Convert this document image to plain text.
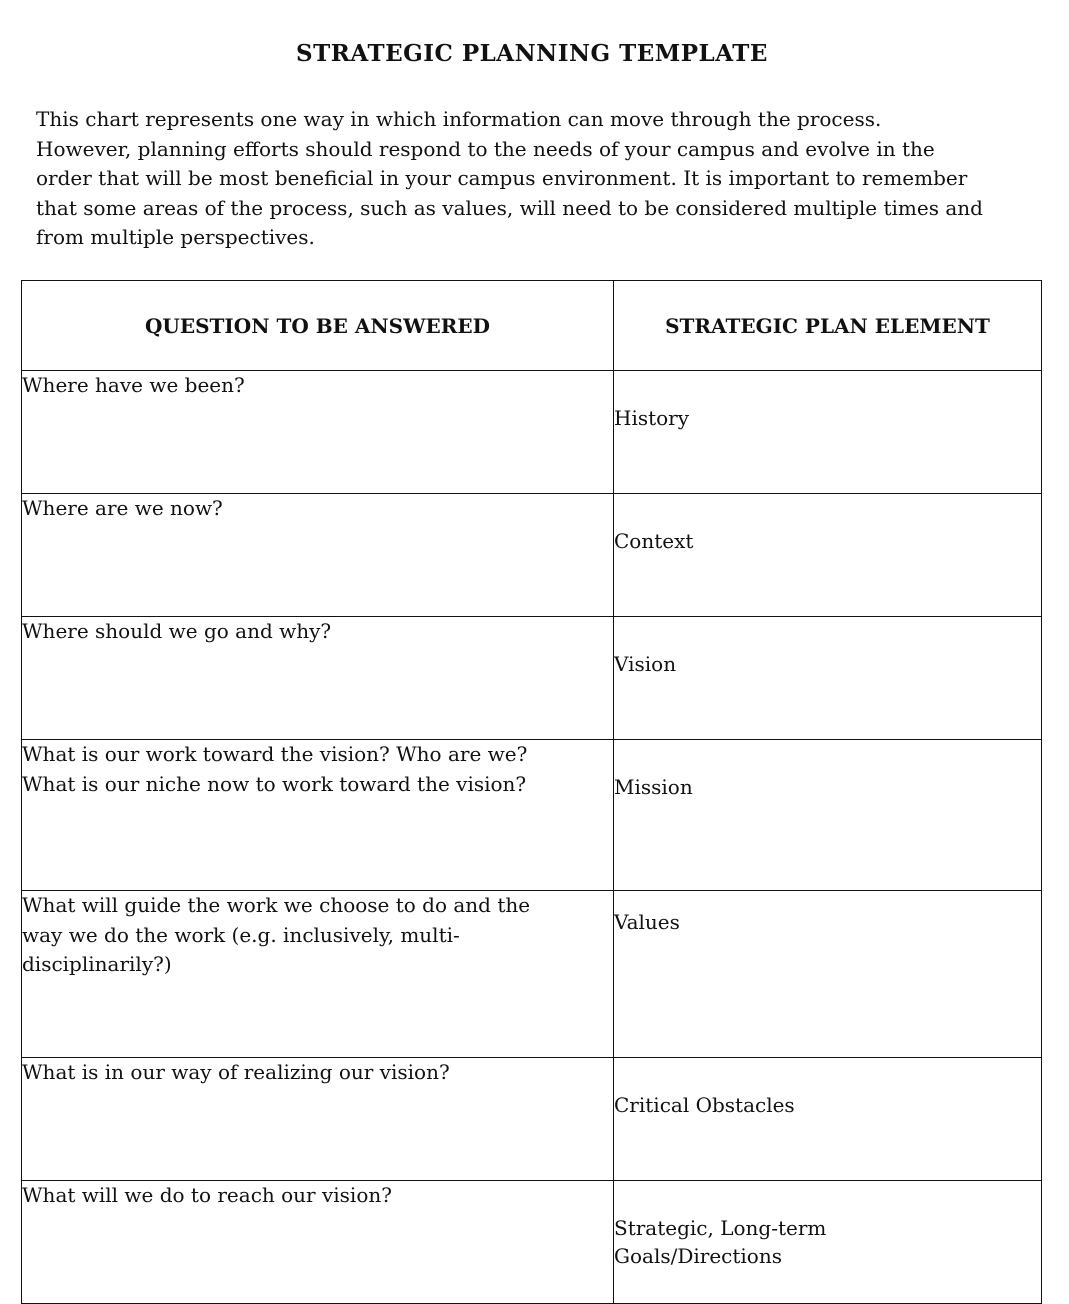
STRATEGIC PLANNING TEMPLATE

This chart represents one way in which information can move through the process.
However, planning efforts should respond to the needs of your campus and evolve in the
order that will be most beneficial in your campus environment. It is important to remember
that some areas of the process, such as values, will need to be considered multiple times and
from multiple perspectives.

QUESTION TO BE ANSWERED	STRATEGIC PLAN ELEMENT

Where have we been?	History

Where are we now?	Context

Where should we go and why?	Vision

What is our work toward the vision? Who are we?
What is our niche now to work toward the vision?	Mission

What will guide the work we choose to do and the
way we do the work (e.g. inclusively, multi-
disciplinarily?)	Values

What is in our way of realizing our vision?	Critical Obstacles

What will we do to reach our vision?	Strategic, Long-term
Goals/Directions
